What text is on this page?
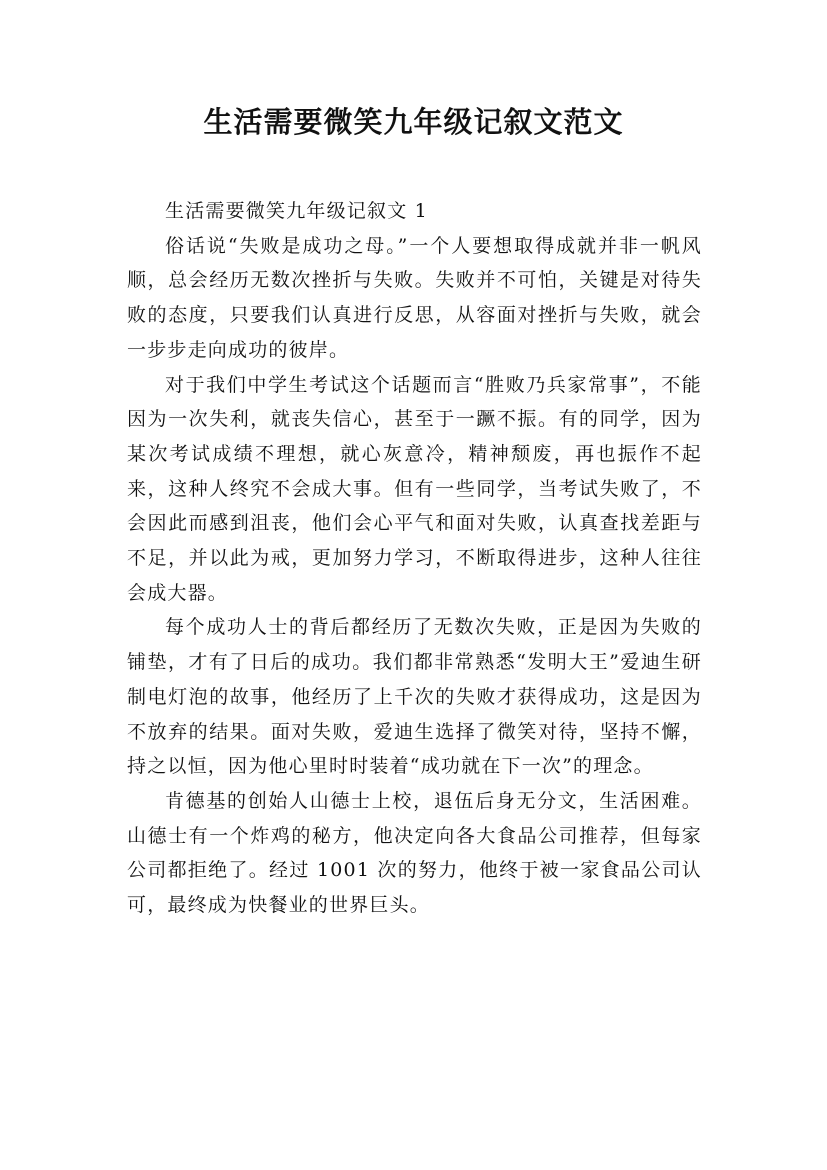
生活需要微笑九年级记叙文范文

生活需要微笑九年级记叙文 1

俗话说“失败是成功之母。”一个人要想取得成就并非一帆风顺，总会经历无数次挫折与失败。失败并不可怕，关键是对待失败的态度，只要我们认真进行反思，从容面对挫折与失败，就会一步步走向成功的彼岸。

对于我们中学生考试这个话题而言“胜败乃兵家常事”，不能因为一次失利，就丧失信心，甚至于一蹶不振。有的同学，因为某次考试成绩不理想，就心灰意冷，精神颓废，再也振作不起来，这种人终究不会成大事。但有一些同学，当考试失败了，不会因此而感到沮丧，他们会心平气和面对失败，认真查找差距与不足，并以此为戒，更加努力学习，不断取得进步，这种人往往会成大器。

每个成功人士的背后都经历了无数次失败，正是因为失败的铺垫，才有了日后的成功。我们都非常熟悉“发明大王”爱迪生研制电灯泡的故事，他经历了上千次的失败才获得成功，这是因为不放弃的结果。面对失败，爱迪生选择了微笑对待，坚持不懈，持之以恒，因为他心里时时装着“成功就在下一次”的理念。

肯德基的创始人山德士上校，退伍后身无分文，生活困难。山德士有一个炸鸡的秘方，他决定向各大食品公司推荐，但每家公司都拒绝了。经过 1001 次的努力，他终于被一家食品公司认可，最终成为快餐业的世界巨头。
